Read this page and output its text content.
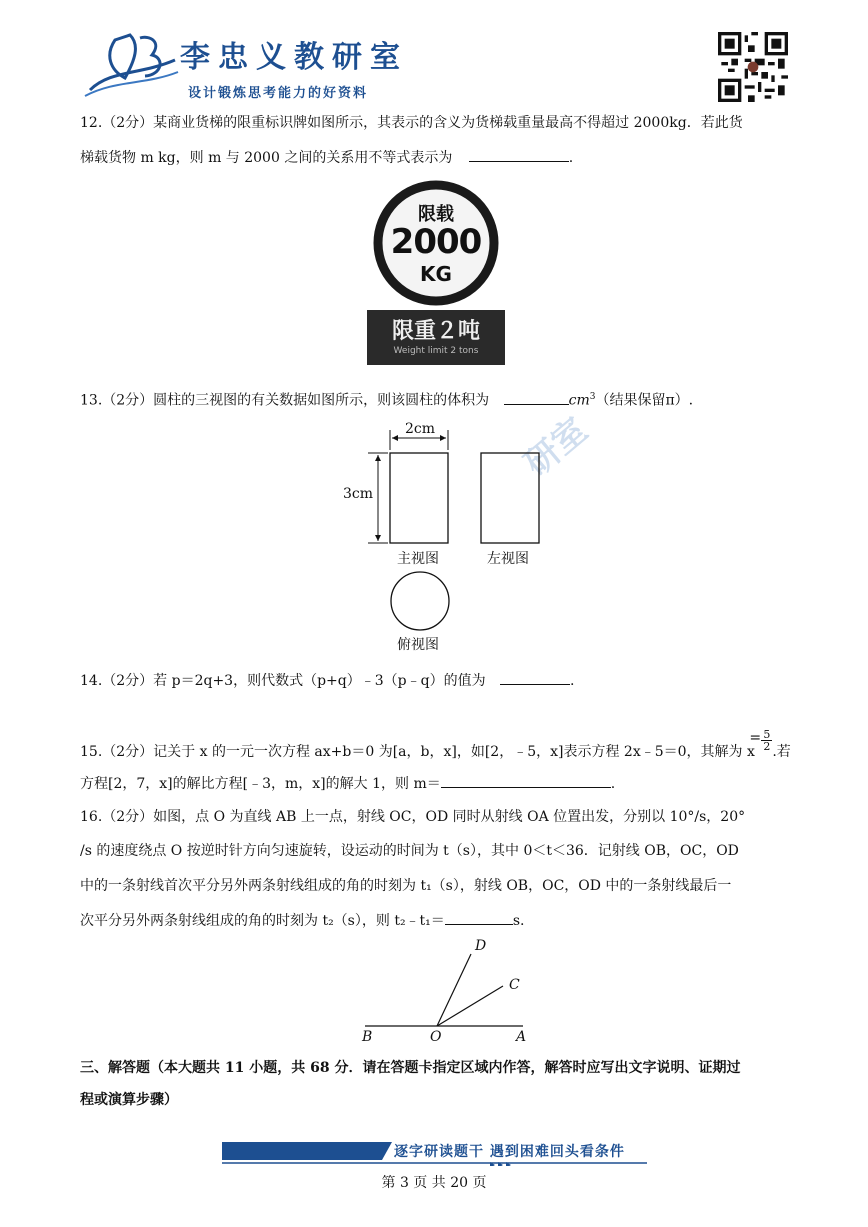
研室
李忠义教研室
设计锻炼思考能力的好资料
12.（2分）某商业货梯的限重标识牌如图所示，其表示的含义为货梯载重量最高不得超过 2000kg．若此货
梯载货物 m kg，则 m 与 2000 之间的关系用不等式表示为	.
限载
2000
KG
限重２吨
Weight limit 2 tons
13.（2分）圆柱的三视图的有关数据如图所示，则该圆柱的体积为	$cm^3$（结果保留π）.
2cm
3cm
主视图	左视图
俯视图
14.（2分）若 p＝2q+3，则代数式（p+q）﹣3（p﹣q）的值为	.
15.（2分）记关于 x 的一元一次方程 ax+b＝0 为[a，b，x]，如[2，﹣5，x]表示方程 2x﹣5＝0，其解为 x
= 5
2 .若
方程[2，7，x]的解比方程[﹣3，m，x]的解大 1，则 m＝	.
16.（2分）如图，点 O 为直线 AB 上一点，射线 OC，OD 同时从射线 OA 位置出发，分别以 10°/s，20°
/s 的速度绕点 O 按逆时针方向匀速旋转，设运动的时间为 t（s），其中 0＜t＜36．记射线 OB，OC，OD
中的一条射线首次平分另外两条射线组成的角的时刻为 t₁（s），射线 OB，OC，OD 中的一条射线最后一
次平分另外两条射线组成的角的时刻为 t₂（s），则 t₂﹣t₁＝	s.
D
C
B	O	A
三、解答题（本大题共 11 小题，共 68 分．请在答题卡指定区域内作答，解答时应写出文字说明、证期过
程或演算步骤）
逐字研读题干 遇到困难回头看条件
第 3 页 共 20 页
